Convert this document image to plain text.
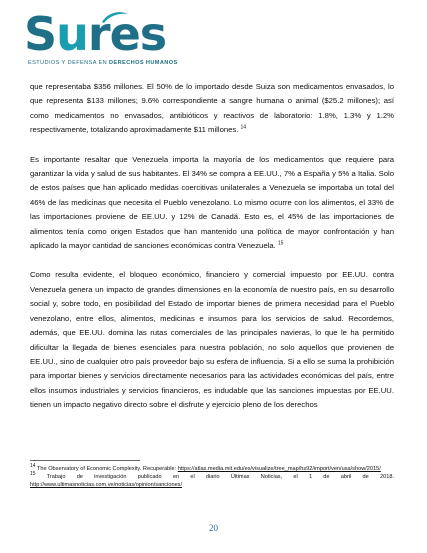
Sures
ESTUDIOS Y DEFENSA EN DERECHOS HUMANOS

que representaba $356 millones. El 50% de lo importado desde Suiza son medicamentos envasados, lo que representa $133 millones; 9.6% correspondiente a sangre humana o animal ($25.2 millones); así como medicamentos no envasados, antibióticos y reactivos de laboratorio: 1.8%, 1.3% y 1.2% respectivamente, totalizando aproximadamente $11 millones. $^{14}$

Es importante resaltar que Venezuela importa la mayoría de los medicamentos que requiere para garantizar la vida y salud de sus habitantes. El 34% se compra a EE.UU., 7% a España y 5% a Italia. Solo de estos países que han aplicado medidas coercitivas unilaterales a Venezuela se importaba un total del 46% de las medicinas que necesita el Pueblo venezolano. Lo mismo ocurre con los alimentos, el 33% de las importaciones proviene de EE.UU. y 12% de Canadá. Esto es, el 45% de las importaciones de alimentos tenía como origen Estados que han mantenido una política de mayor confrontación y han aplicado la mayor cantidad de sanciones económicas contra Venezuela. $^{15}$

Como resulta evidente, el bloqueo económico, financiero y comercial impuesto por EE.UU. contra Venezuela genera un impacto de grandes dimensiones en la economía de nuestro país, en su desarrollo social y, sobre todo, en posibilidad del Estado de importar bienes de primera necesidad para el Pueblo venezolano, entre ellos, alimentos, medicinas e insumos para los servicios de salud. Recordemos, además, que EE.UU. domina las rutas comerciales de las principales navieras, lo que le ha permitido dificultar la llegada de bienes esenciales para nuestra población, no solo aquellos que provienen de EE.UU., sino de cualquier otro país proveedor bajo su esfera de influencia. Si a ello se suma la prohibición para importar bienes y servicios directamente necesarios para las actividades económicas del país, entre ellos insumos industriales y servicios financieros, es indudable que las sanciones impuestas por EE.UU. tienen un impacto negativo directo sobre el disfrute y ejercicio pleno de los derechos

$^{14}$ The Observatory of Economic Complexity. Recuperable: https://atlas.media.mit.edu/es/visualize/tree_map/hs92/import/ven/usa/show/2015/

$^{15}$ Trabajo de investigación publicado en el diario Últimas Noticias, el 1 de abril de 2018. http://www.ultimasnoticias.com.ve/noticias/opinion/sanciones/

20
